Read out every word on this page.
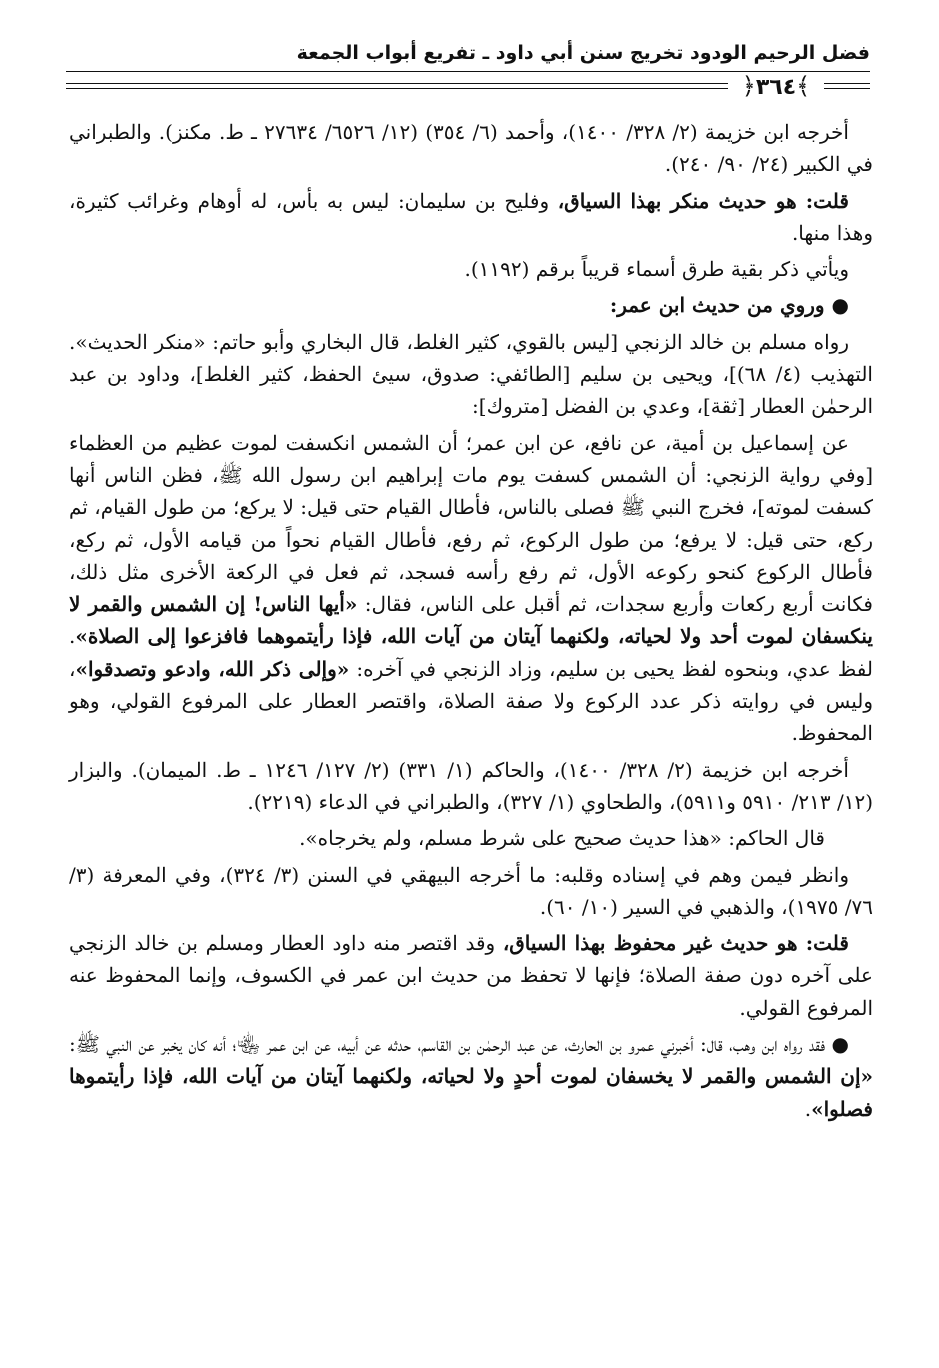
فضل الرحيم الودود تخريج سنن أبي داود ـ تفريع أبواب الجمعة
﴿٣٦٤﴾

أخرجه ابن خزيمة (٢/ ٣٢٨/ ١٤٠٠)، وأحمد (٦/ ٣٥٤) (١٢/ ٦٥٢٦/ ٢٧٦٣٤ ـ ط. مكنز). والطبراني في الكبير (٢٤/ ٩٠/ ٢٤٠).

قلت: هو حديث منكر بهذا السياق، وفليح بن سليمان: ليس به بأس، له أوهام وغرائب كثيرة، وهذا منها.

ويأتي ذكر بقية طرق أسماء قريباً برقم (١١٩٢).

● وروي من حديث ابن عمر:

رواه مسلم بن خالد الزنجي [ليس بالقوي، كثير الغلط، قال البخاري وأبو حاتم: «منكر الحديث». التهذيب (٤/ ٦٨)]، ويحيى بن سليم [الطائفي: صدوق، سيئ الحفظ، كثير الغلط]، وداود بن عبد الرحمٰن العطار [ثقة]، وعدي بن الفضل [متروك]:

عن إسماعيل بن أمية، عن نافع، عن ابن عمر؛ أن الشمس انكسفت لموت عظيم من العظماء [وفي رواية الزنجي: أن الشمس كسفت يوم مات إبراهيم ابن رسول الله ﷺ، فظن الناس أنها كسفت لموته]، فخرج النبي ﷺ فصلى بالناس، فأطال القيام حتى قيل: لا يركع؛ من طول القيام، ثم ركع، حتى قيل: لا يرفع؛ من طول الركوع، ثم رفع، فأطال القيام نحواً من قيامه الأول، ثم ركع، فأطال الركوع كنحو ركوعه الأول، ثم رفع رأسه فسجد، ثم فعل في الركعة الأخرى مثل ذلك، فكانت أربع ركعات وأربع سجدات، ثم أقبل على الناس، فقال: «أيها الناس! إن الشمس والقمر لا ينكسفان لموت أحد ولا لحياته، ولكنهما آيتان من آيات الله، فإذا رأيتموهما فافزعوا إلى الصلاة». لفظ عدي، وبنحوه لفظ يحيى بن سليم، وزاد الزنجي في آخره: «وإلى ذكر الله، وادعو وتصدقوا»، وليس في روايته ذكر عدد الركوع ولا صفة الصلاة، واقتصر العطار على المرفوع القولي، وهو المحفوظ.

أخرجه ابن خزيمة (٢/ ٣٢٨/ ١٤٠٠)، والحاكم (١/ ٣٣١) (٢/ ١٢٧/ ١٢٤٦ ـ ط. الميمان). والبزار (١٢/ ٢١٣/ ٥٩١٠ و٥٩١١)، والطحاوي (١/ ٣٢٧)، والطبراني في الدعاء (٢٢١٩).

قال الحاكم: «هذا حديث صحيح على شرط مسلم، ولم يخرجاه».

وانظر فيمن وهم في إسناده وقلبه: ما أخرجه البيهقي في السنن (٣/ ٣٢٤)، وفي المعرفة (٣/ ٧٦/ ١٩٧٥)، والذهبي في السير (١٠/ ٦٠).

قلت: هو حديث غير محفوظ بهذا السياق، وقد اقتصر منه داود العطار ومسلم بن خالد الزنجي على آخره دون صفة الصلاة؛ فإنها لا تحفظ من حديث ابن عمر في الكسوف، وإنما المحفوظ عنه المرفوع القولي.

● فقد رواه ابن وهب، قال: أخبرني عمرو بن الحارث، عن عبد الرحمٰن بن القاسم، حدثه عن أبيه، عن ابن عمر ﵄؛ أنه كان يخبر عن النبي ﷺ: «إن الشمس والقمر لا يخسفان لموت أحدٍ ولا لحياته، ولكنهما آيتان من آيات الله، فإذا رأيتموها فصلوا».
